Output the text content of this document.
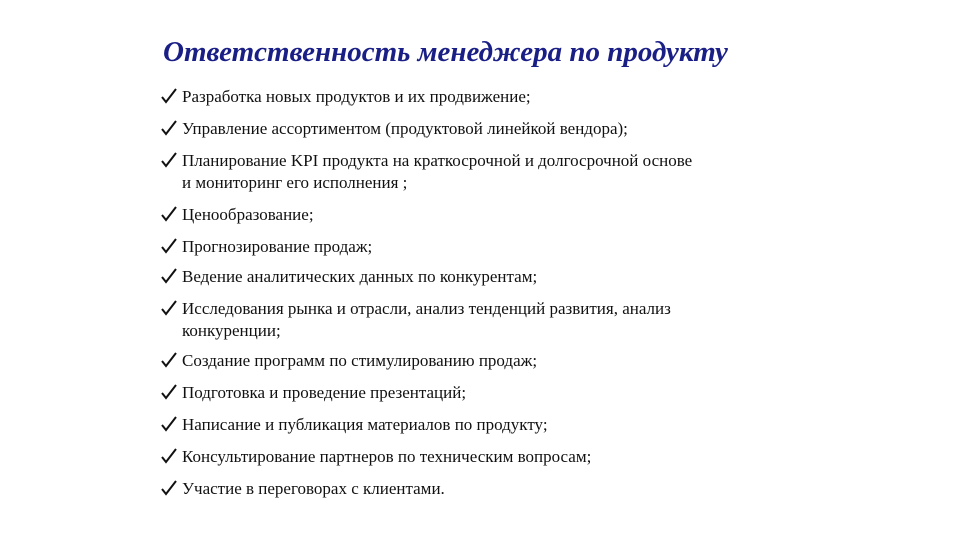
Ответственность менеджера по продукту
Разработка новых продуктов и их продвижение;
Управление ассортиментом (продуктовой линейкой вендора);
Планирование KPI продукта на краткосрочной и долгосрочной основе
и мониторинг его исполнения ;
Ценообразование;
Прогнозирование продаж;
Ведение аналитических данных по конкурентам;
Исследования рынка и отрасли, анализ тенденций развития, анализ
конкуренции;
Создание программ по стимулированию продаж;
Подготовка и проведение презентаций;
Написание и публикация материалов по продукту;
Консультирование партнеров по техническим вопросам;
Участие в переговорах с клиентами.
